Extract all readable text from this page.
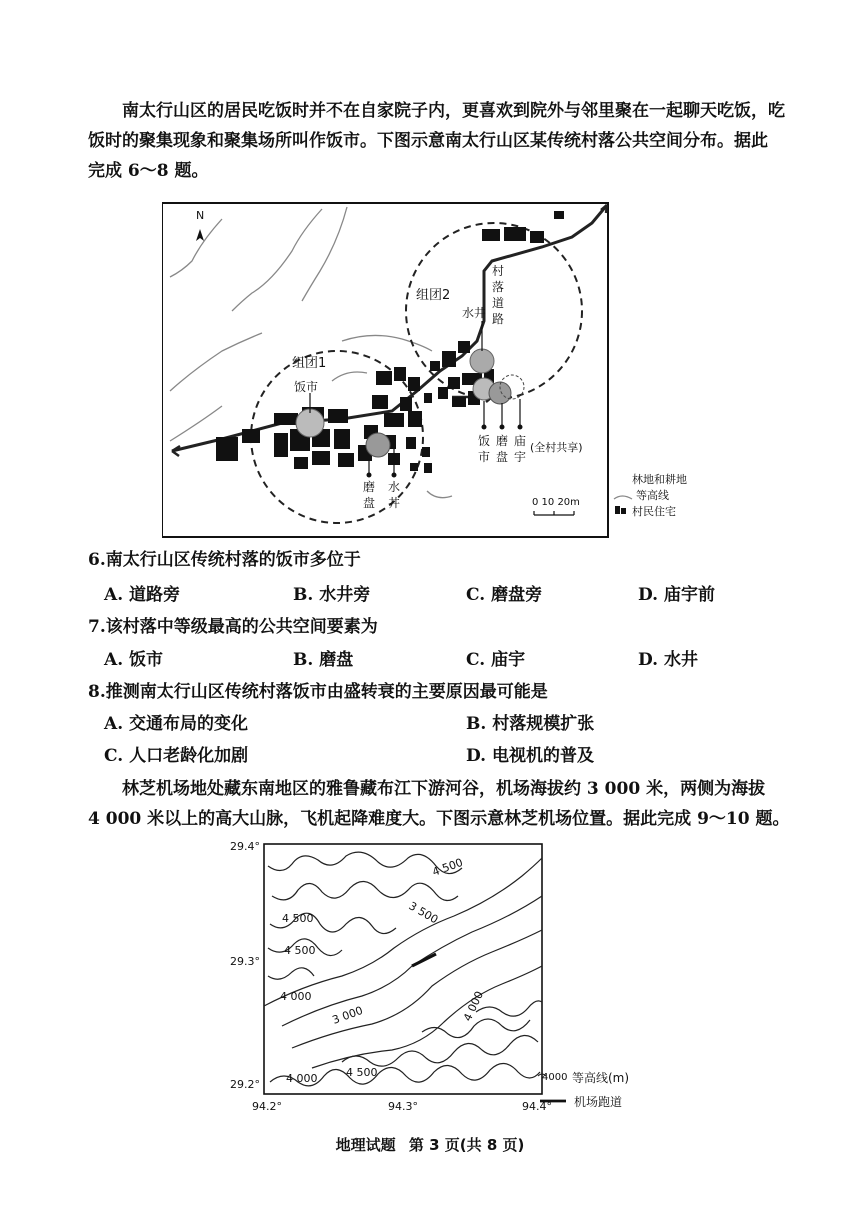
南太行山区的居民吃饭时并不在自家院子内，更喜欢到院外与邻里聚在一起聊天吃饭，吃
饭时的聚集现象和聚集场所叫作饭市。下图示意南太行山区某传统村落公共空间分布。据此
完成 6～8 题。
N
组团2
组团1
饭市
水井
村
落
道
路
饭
市
磨
盘
庙
宇
(全村共享)
磨
盘
水
井	0 10 20m
林地和耕地
等高线
村民住宅
6.南太行山区传统村落的饭市多位于
A. 道路旁	B. 水井旁	C. 磨盘旁	D. 庙宇前
7.该村落中等级最高的公共空间要素为
A. 饭市	B. 磨盘	C. 庙宇	D. 水井
8.推测南太行山区传统村落饭市由盛转衰的主要原因最可能是
A. 交通布局的变化	B. 村落规模扩张
C. 人口老龄化加剧	D. 电视机的普及
林芝机场地处藏东南地区的雅鲁藏布江下游河谷，机场海拔约 3 000 米，两侧为海拔
4 000 米以上的高大山脉，飞机起降难度大。下图示意林芝机场位置。据此完成 9～10 题。
29.4°
29.3°
29.2°
94.2°	94.3°	94.4°
4 500
3 500
4 500
4 500
4 000
3 000	4 000
4 000	4 500	4000 等高线(m)
机场跑道
地理试题 第 3 页(共 8 页)
